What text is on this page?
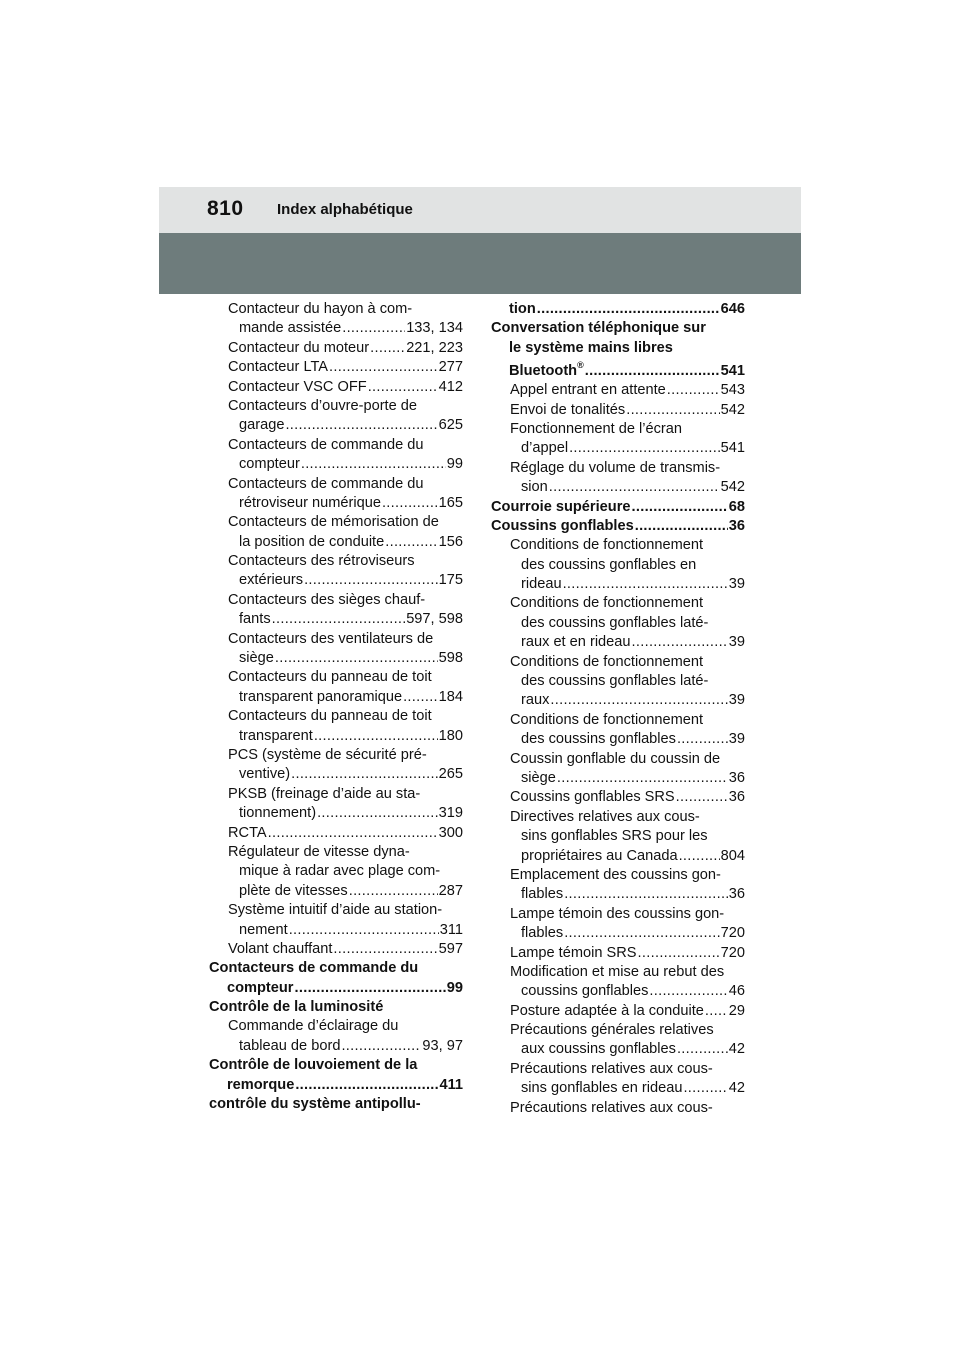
810 Index alphabétique
Contacteur du hayon à com-
mande assistée .....	133, 134
Contacteur du moteur .....	221, 223
Contacteur LTA .....	277
Contacteur VSC OFF .....	412
Contacteurs d’ouvre-porte de
garage .....	625
Contacteurs de commande du
compteur .....	99
Contacteurs de commande du
rétroviseur numérique .....	165
Contacteurs de mémorisation de
la position de conduite .....	156
Contacteurs des rétroviseurs
extérieurs .....	175
Contacteurs des sièges chauf-
fants .....	597, 598
Contacteurs des ventilateurs de
siège .....	598
Contacteurs du panneau de toit
transparent panoramique .....	184
Contacteurs du panneau de toit
transparent .....	180
PCS (système de sécurité pré-
ventive) .....	265
PKSB (freinage d’aide au sta-
tionnement) .....	319
RCTA .....	300
Régulateur de vitesse dyna-
mique à radar avec plage com-
plète de vitesses .....	287
Système intuitif d’aide au station-
nement .....	311
Volant chauffant .....	597
Contacteurs de commande du
compteur .....	99
Contrôle de la luminosité
Commande d’éclairage du
tableau de bord .....	93, 97
Contrôle de louvoiement de la
remorque .....	411
contrôle du système antipollu-
tion .....	646
Conversation téléphonique sur
le système mains libres
Bluetooth® .....	541
Appel entrant en attente .....	543
Envoi de tonalités .....	542
Fonctionnement de l’écran
d’appel .....	541
Réglage du volume de transmis-
sion .....	542
Courroie supérieure .....	68
Coussins gonflables .....	36
Conditions de fonctionnement
des coussins gonflables en
rideau .....	39
Conditions de fonctionnement
des coussins gonflables laté-
raux et en rideau .....	39
Conditions de fonctionnement
des coussins gonflables laté-
raux .....	39
Conditions de fonctionnement
des coussins gonflables .....	39
Coussin gonflable du coussin de
siège .....	36
Coussins gonflables SRS .....	36
Directives relatives aux cous-
sins gonflables SRS pour les
propriétaires au Canada .....	804
Emplacement des coussins gon-
flables .....	36
Lampe témoin des coussins gon-
flables .....	720
Lampe témoin SRS .....	720
Modification et mise au rebut des
coussins gonflables .....	46
Posture adaptée à la conduite ..... 29
Précautions générales relatives
aux coussins gonflables .....	42
Précautions relatives aux cous-
sins gonflables en rideau .....	42
Précautions relatives aux cous-
